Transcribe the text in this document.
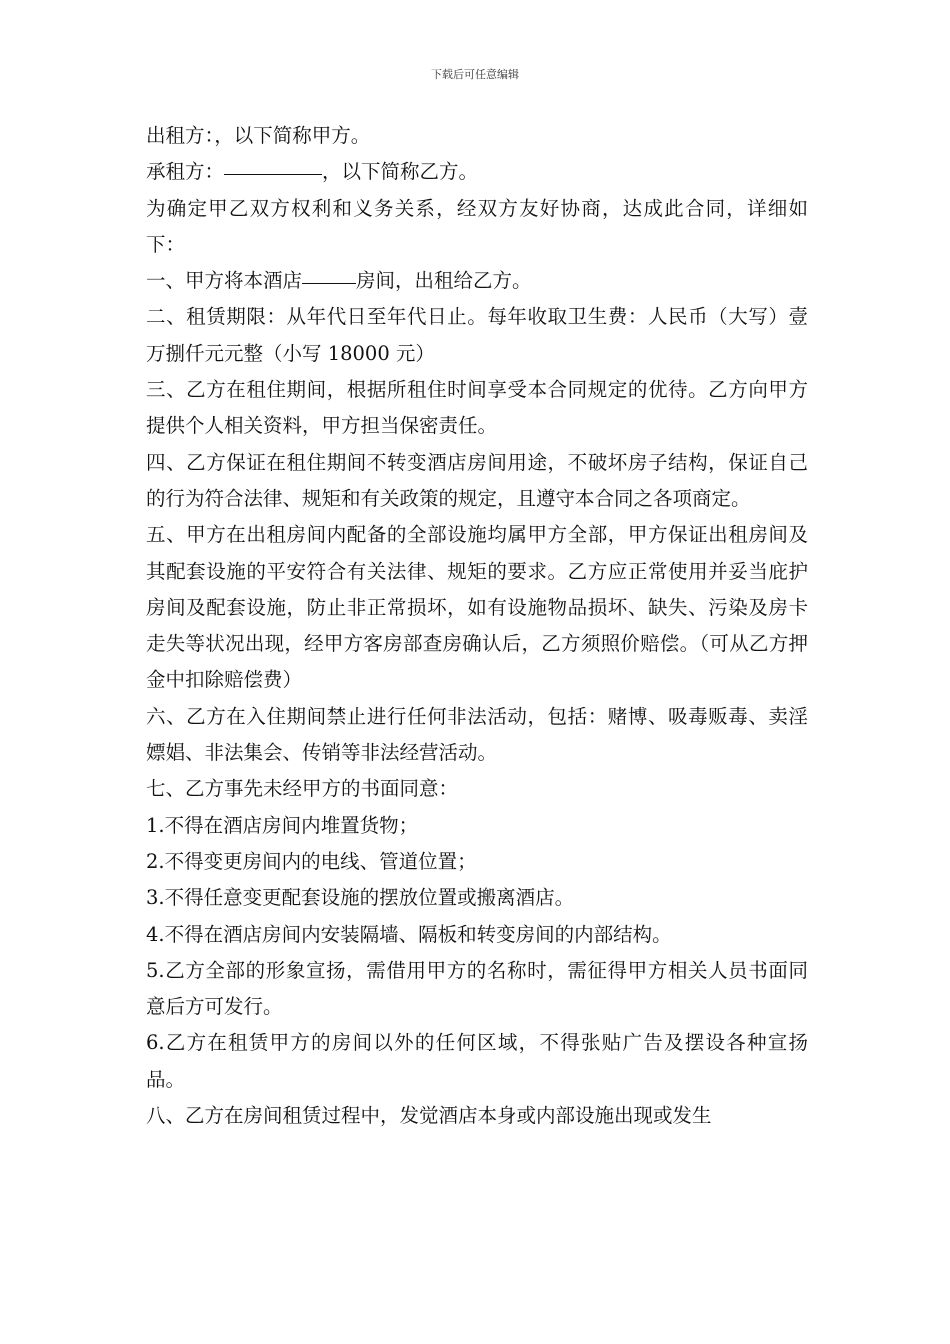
下载后可任意编辑

出租方：，以下简称甲方。

承租方：	，以下简称乙方。

为确定甲乙双方权利和义务关系，经双方友好协商，达成此合同，详细如下：

一、甲方将本酒店	房间，出租给乙方。

二、租赁期限：从年代日至年代日止。每年收取卫生费：人民币（大写）壹万捌仟元元整（小写 18000 元）

三、乙方在租住期间，根据所租住时间享受本合同规定的优待。乙方向甲方提供个人相关资料，甲方担当保密责任。

四、乙方保证在租住期间不转变酒店房间用途，不破坏房子结构，保证自己的行为符合法律、规矩和有关政策的规定，且遵守本合同之各项商定。

五、甲方在出租房间内配备的全部设施均属甲方全部，甲方保证出租房间及其配套设施的平安符合有关法律、规矩的要求。乙方应正常使用并妥当庇护房间及配套设施，防止非正常损坏，如有设施物品损坏、缺失、污染及房卡走失等状况出现，经甲方客房部查房确认后，乙方须照价赔偿。（可从乙方押金中扣除赔偿费）

六、乙方在入住期间禁止进行任何非法活动，包括：赌博、吸毒贩毒、卖淫嫖娼、非法集会、传销等非法经营活动。

七、乙方事先未经甲方的书面同意：

1.不得在酒店房间内堆置货物；

2.不得变更房间内的电线、管道位置；

3.不得任意变更配套设施的摆放位置或搬离酒店。

4.不得在酒店房间内安装隔墙、隔板和转变房间的内部结构。

5.乙方全部的形象宣扬，需借用甲方的名称时，需征得甲方相关人员书面同意后方可发行。

6.乙方在租赁甲方的房间以外的任何区域，不得张贴广告及摆设各种宣扬品。

八、乙方在房间租赁过程中，发觉酒店本身或内部设施出现或发生
